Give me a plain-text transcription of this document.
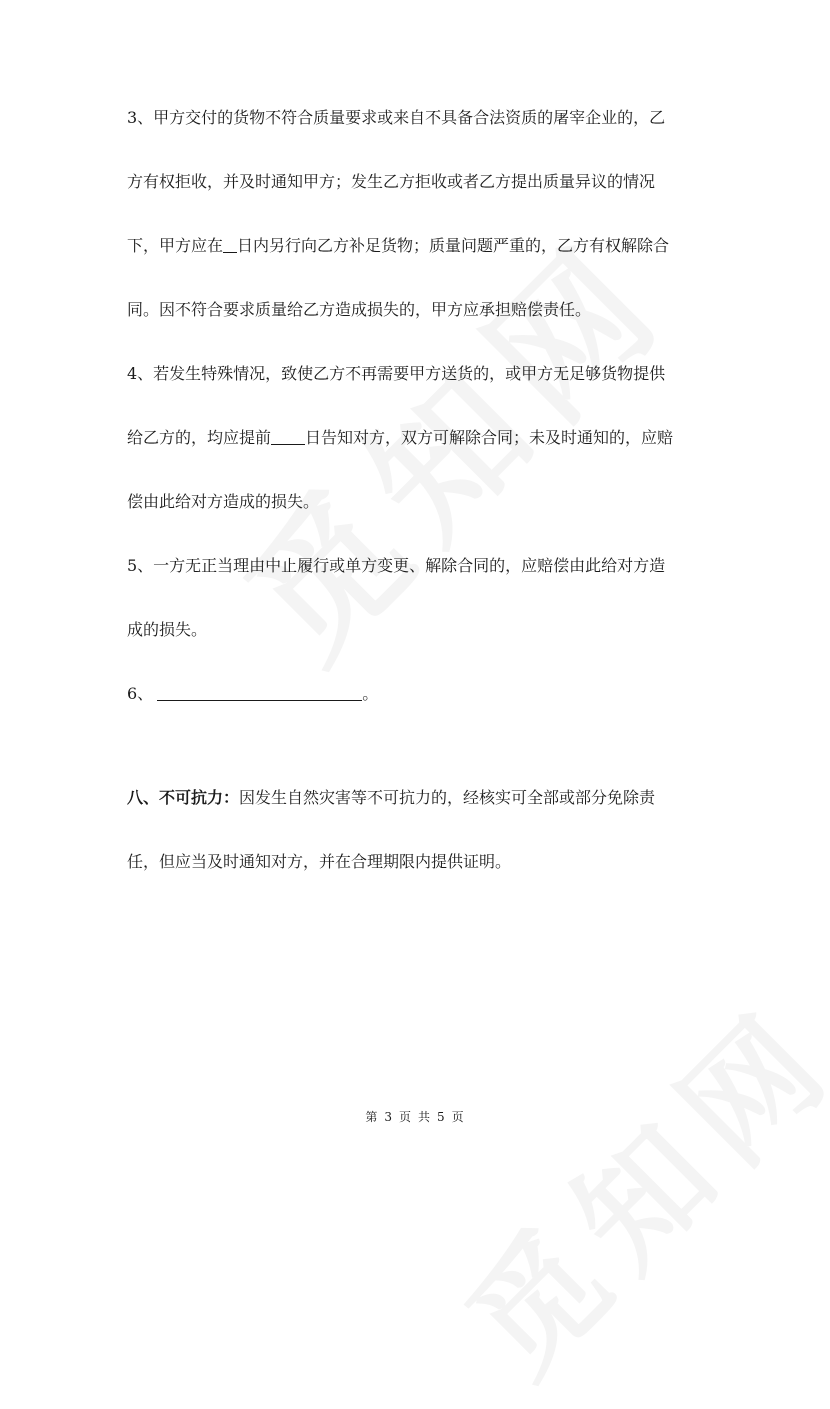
3、甲方交付的货物不符合质量要求或来自不具备合法资质的屠宰企业的，乙
方有权拒收，并及时通知甲方；发生乙方拒收或者乙方提出质量异议的情况
下，甲方应在 日内另行向乙方补足货物；质量问题严重的，乙方有权解除合
同。因不符合要求质量给乙方造成损失的，甲方应承担赔偿责任。
4、若发生特殊情况，致使乙方不再需要甲方送货的，或甲方无足够货物提供
给乙方的，均应提前 日告知对方，双方可解除合同；未及时通知的，应赔
偿由此给对方造成的损失。
5、一方无正当理由中止履行或单方变更、解除合同的，应赔偿由此给对方造
成的损失。
6、	。
八、不可抗力：因发生自然灾害等不可抗力的，经核实可全部或部分免除责
任，但应当及时通知对方，并在合理期限内提供证明。
第 3 页 共 5 页
